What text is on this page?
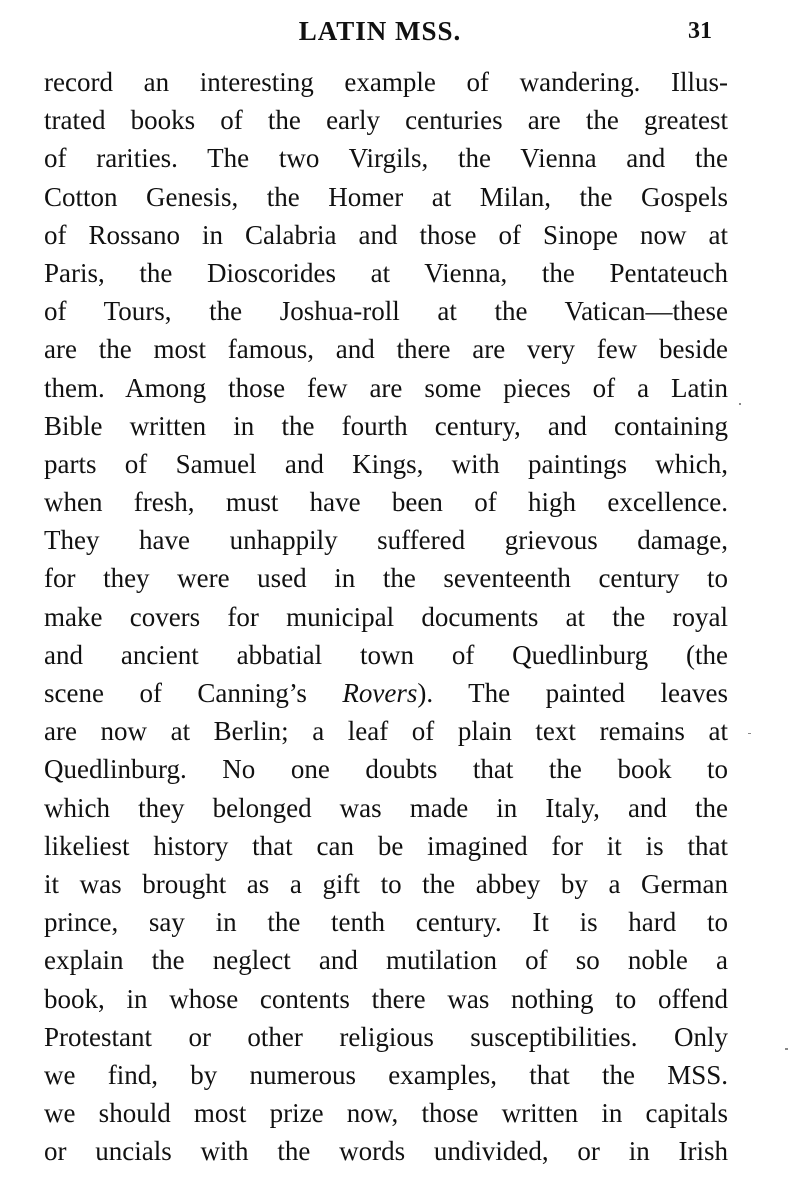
LATIN MSS.	31
record an interesting example of wandering. Illus-
trated books of the early centuries are the greatest
of rarities. The two Virgils, the Vienna and the
Cotton Genesis, the Homer at Milan, the Gospels
of Rossano in Calabria and those of Sinope now at
Paris, the Dioscorides at Vienna, the Pentateuch
of Tours, the Joshua-roll at the Vatican—these
are the most famous, and there are very few beside
them. Among those few are some pieces of a Latin
Bible written in the fourth century, and containing
parts of Samuel and Kings, with paintings which,
when fresh, must have been of high excellence.
They have unhappily suffered grievous damage,
for they were used in the seventeenth century to
make covers for municipal documents at the royal
and ancient abbatial town of Quedlinburg (the
scene of Canning’s Rovers). The painted leaves
are now at Berlin; a leaf of plain text remains at
Quedlinburg. No one doubts that the book to
which they belonged was made in Italy, and the
likeliest history that can be imagined for it is that
it was brought as a gift to the abbey by a German
prince, say in the tenth century. It is hard to
explain the neglect and mutilation of so noble a
book, in whose contents there was nothing to offend
Protestant or other religious susceptibilities. Only
we find, by numerous examples, that the MSS.
we should most prize now, those written in capitals
or uncials with the words undivided, or in Irish
